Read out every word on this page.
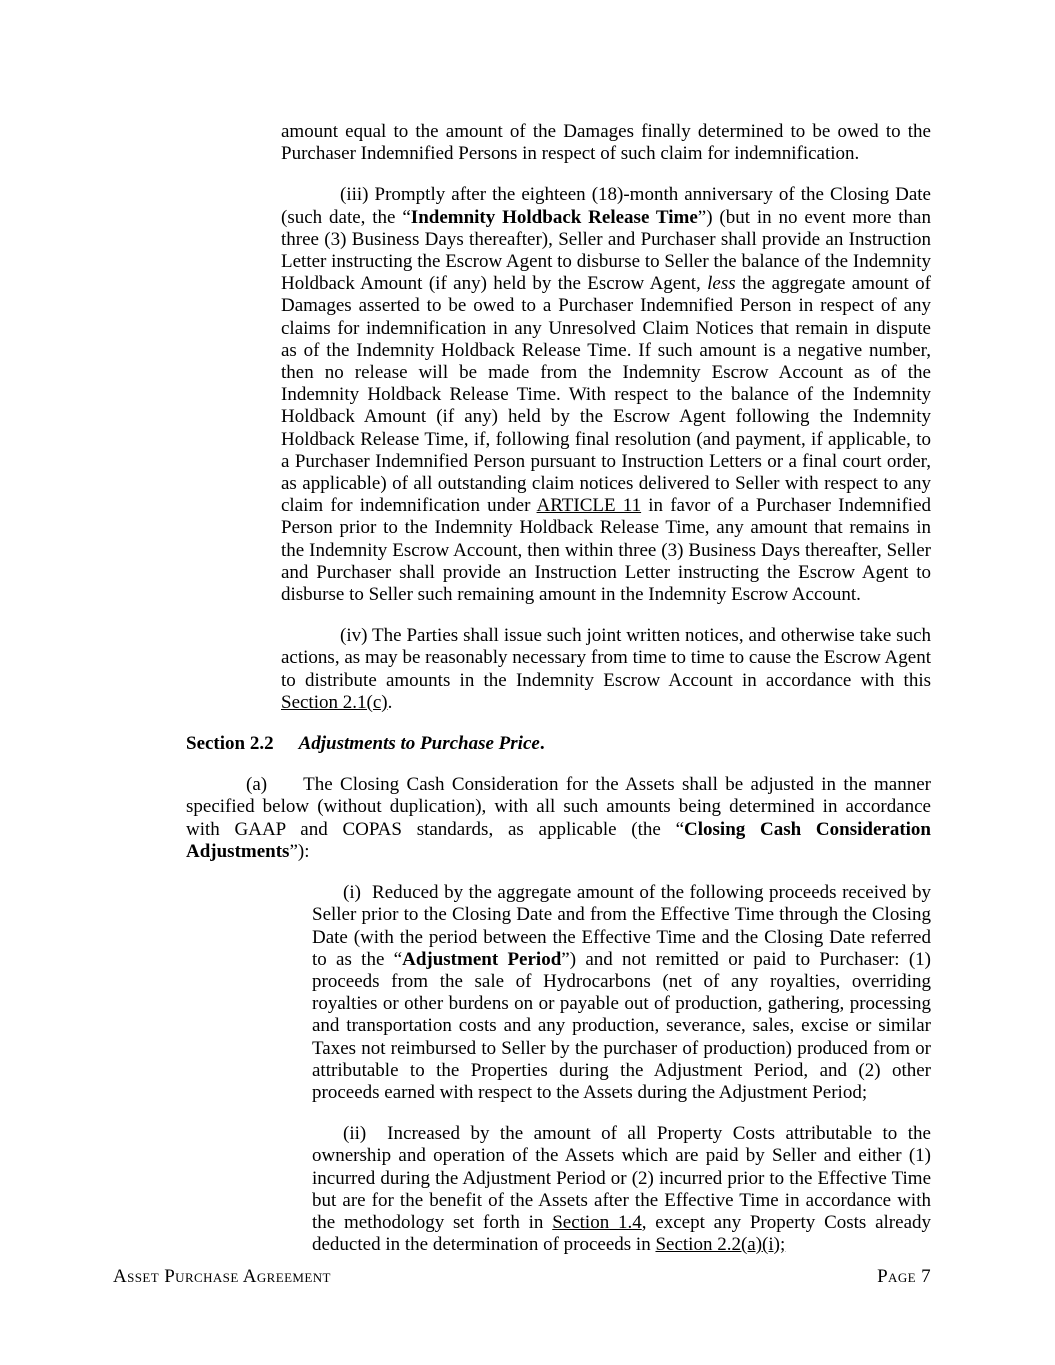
amount equal to the amount of the Damages finally determined to be owed to the Purchaser Indemnified Persons in respect of such claim for indemnification.

(iii) Promptly after the eighteen (18)-month anniversary of the Closing Date (such date, the “Indemnity Holdback Release Time”) (but in no event more than three (3) Business Days thereafter), Seller and Purchaser shall provide an Instruction Letter instructing the Escrow Agent to disburse to Seller the balance of the Indemnity Holdback Amount (if any) held by the Escrow Agent, less the aggregate amount of Damages asserted to be owed to a Purchaser Indemnified Person in respect of any claims for indemnification in any Unresolved Claim Notices that remain in dispute as of the Indemnity Holdback Release Time. If such amount is a negative number, then no release will be made from the Indemnity Escrow Account as of the Indemnity Holdback Release Time. With respect to the balance of the Indemnity Holdback Amount (if any) held by the Escrow Agent following the Indemnity Holdback Release Time, if, following final resolution (and payment, if applicable, to a Purchaser Indemnified Person pursuant to Instruction Letters or a final court order, as applicable) of all outstanding claim notices delivered to Seller with respect to any claim for indemnification under ARTICLE 11 in favor of a Purchaser Indemnified Person prior to the Indemnity Holdback Release Time, any amount that remains in the Indemnity Escrow Account, then within three (3) Business Days thereafter, Seller and Purchaser shall provide an Instruction Letter instructing the Escrow Agent to disburse to Seller such remaining amount in the Indemnity Escrow Account.

(iv) The Parties shall issue such joint written notices, and otherwise take such actions, as may be reasonably necessary from time to time to cause the Escrow Agent to distribute amounts in the Indemnity Escrow Account in accordance with this Section 2.1(c).

Section 2.2 Adjustments to Purchase Price.

(a) The Closing Cash Consideration for the Assets shall be adjusted in the manner specified below (without duplication), with all such amounts being determined in accordance with GAAP and COPAS standards, as applicable (the “Closing Cash Consideration Adjustments”):

(i)  Reduced by the aggregate amount of the following proceeds received by Seller prior to the Closing Date and from the Effective Time through the Closing Date (with the period between the Effective Time and the Closing Date referred to as the “Adjustment Period”) and not remitted or paid to Purchaser: (1) proceeds from the sale of Hydrocarbons (net of any royalties, overriding royalties or other burdens on or payable out of production, gathering, processing and transportation costs and any production, severance, sales, excise or similar Taxes not reimbursed to Seller by the purchaser of production) produced from or attributable to the Properties during the Adjustment Period, and (2) other proceeds earned with respect to the Assets during the Adjustment Period;

(ii)  Increased by the amount of all Property Costs attributable to the ownership and operation of the Assets which are paid by Seller and either (1) incurred during the Adjustment Period or (2) incurred prior to the Effective Time but are for the benefit of the Assets after the Effective Time in accordance with the methodology set forth in Section 1.4, except any Property Costs already deducted in the determination of proceeds in Section 2.2(a)(i);

Asset Purchase Agreement	Page 7
